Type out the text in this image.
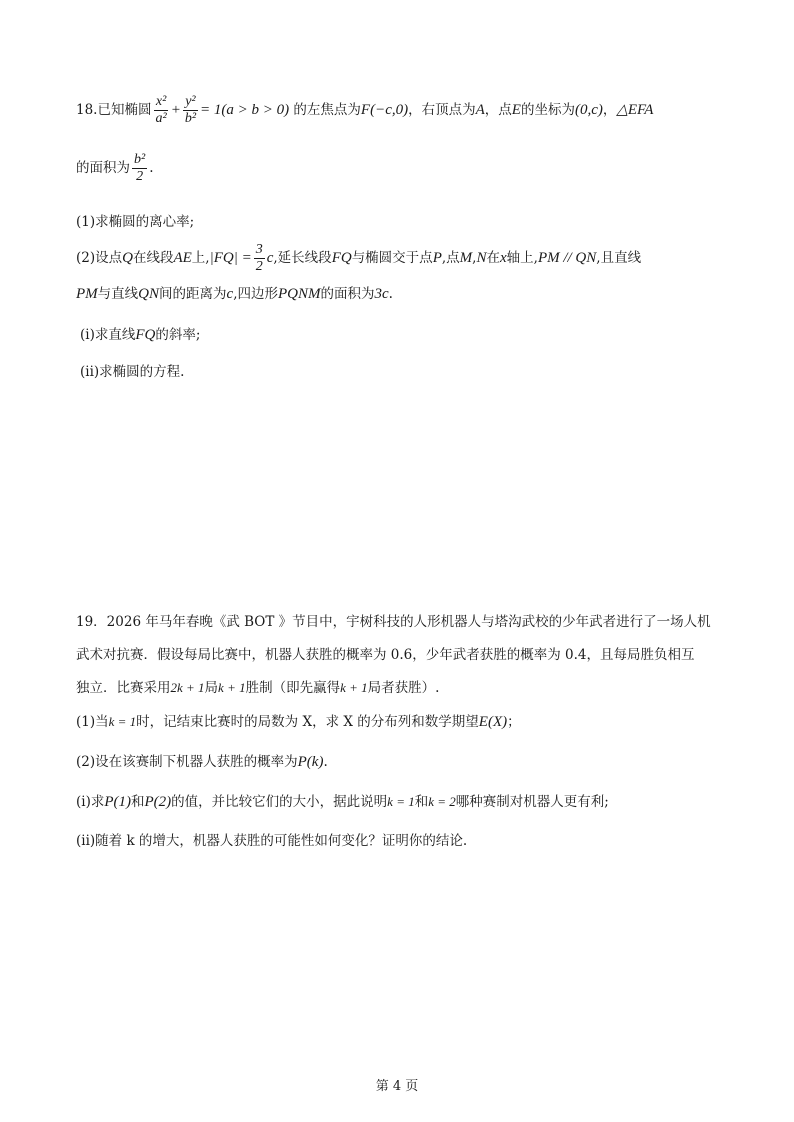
18.已知椭圆 $\frac{\text{x²}}{\text{a²}} + \frac{\text{y²}}{\text{b²}} = 1(a > b > 0)$ 的左焦点为F(−c,0)，右顶点为A，点E的坐标为(0,c)，△EFA
的面积为 $\frac{\text{b²}}{2}$ .
(1)求椭圆的离心率;
(2)设点Q在线段AE上$,|FQ| = \frac{3}{2} c$,延长线段FQ与椭圆交于点P,点M,N在x轴上,PM // QN,且直线
PM与直线QN间的距离为c,四边形PQNM的面积为3c.
(i)求直线FQ的斜率;
(ii)求椭圆的方程.
19．2026 年马年春晚《武 BOT 》节目中，宇树科技的人形机器人与塔沟武校的少年武者进行了一场人机
武术对抗赛．假设每局比赛中，机器人获胜的概率为 0.6，少年武者获胜的概率为 0.4，且每局胜负相互
独立．比赛采用2k + 1局k + 1胜制（即先赢得k + 1局者获胜）.
(1)当k = 1时，记结束比赛时的局数为 X，求 X 的分布列和数学期望E(X)；
(2)设在该赛制下机器人获胜的概率为P(k).
(i)求P(1)和P(2)的值，并比较它们的大小，据此说明k = 1和k = 2哪种赛制对机器人更有利;
(ii)随着 k 的增大，机器人获胜的可能性如何变化？证明你的结论.
第 4 页
